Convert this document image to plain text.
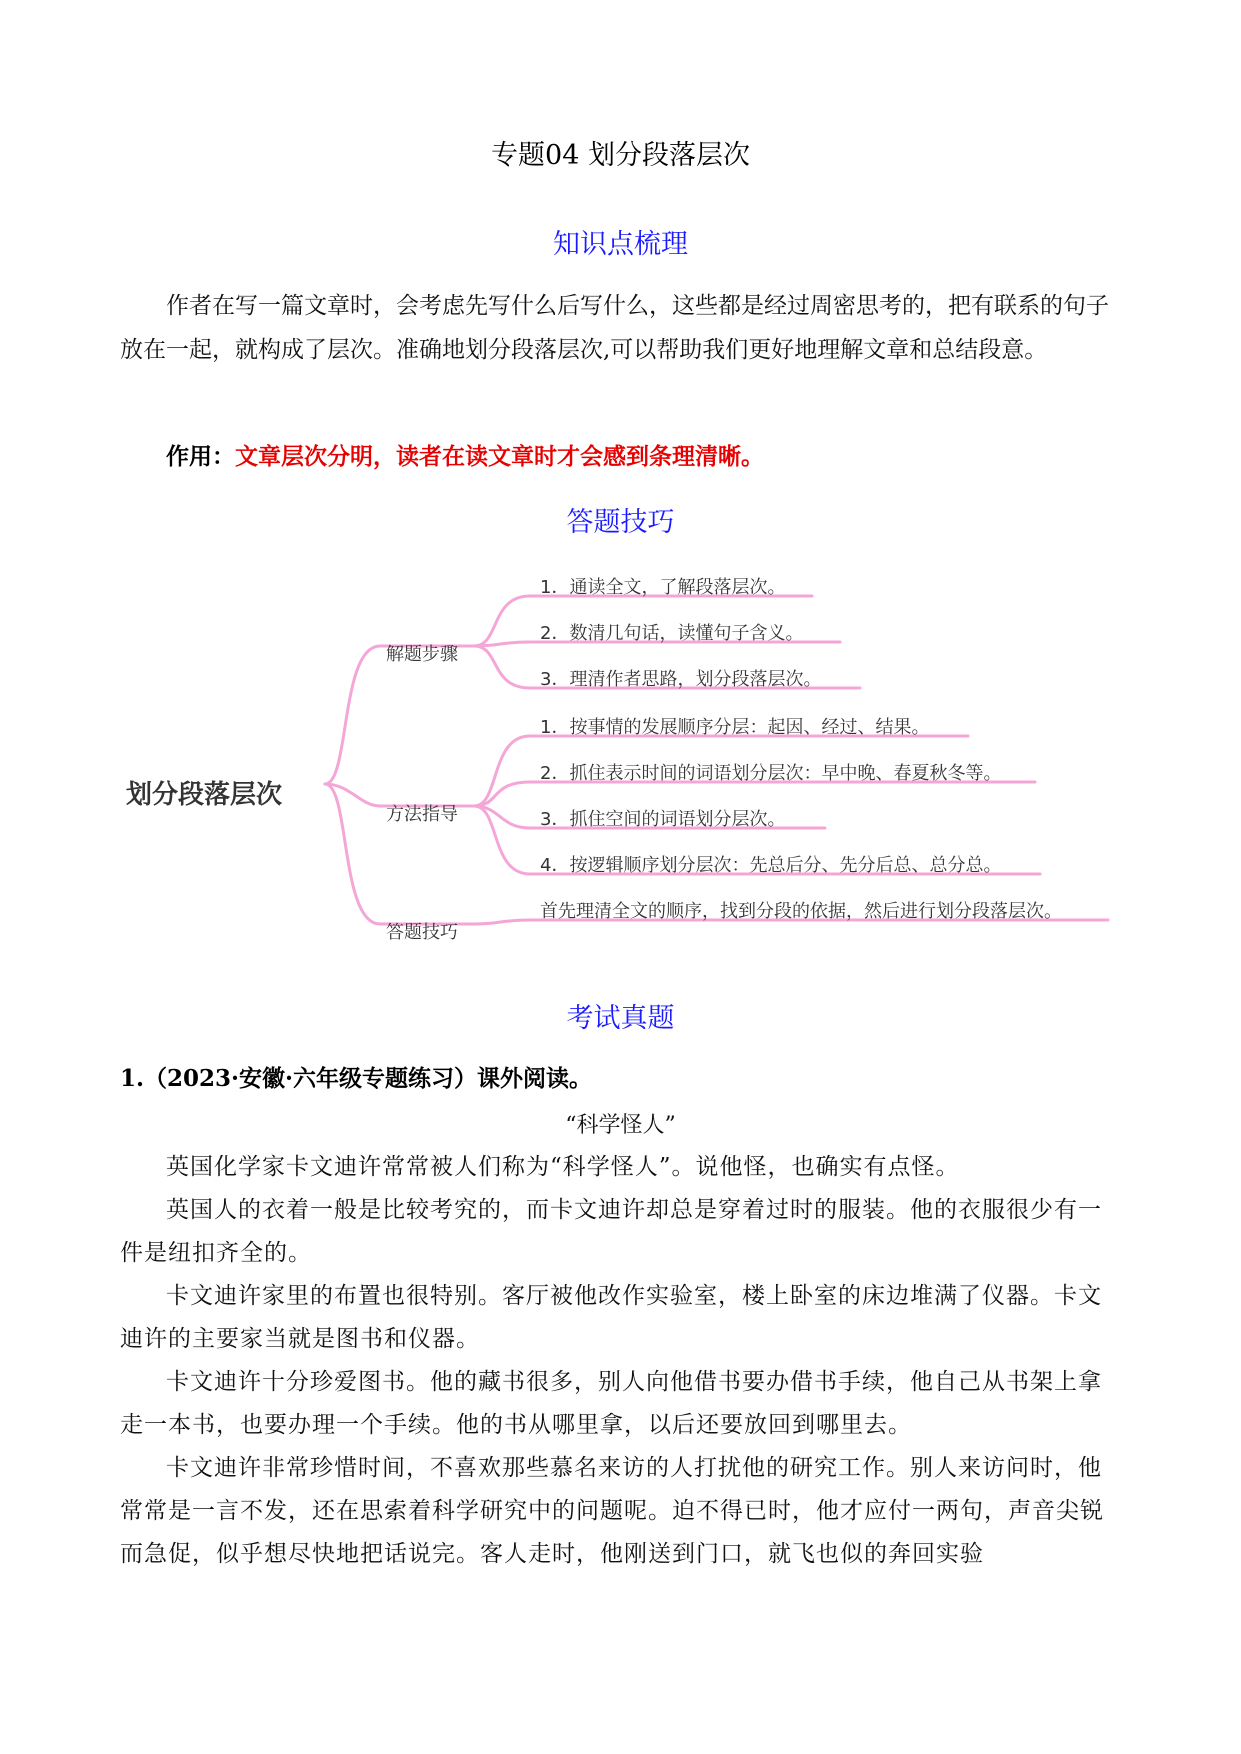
专题04 划分段落层次
知识点梳理

作者在写一篇文章时，会考虑先写什么后写什么，这些都是经过周密思考的，把有联系的句子放在一起，就构成了层次。准确地划分段落层次,可以帮助我们更好地理解文章和总结段意。

作用：文章层次分明，读者在读文章时才会感到条理清晰。
答题技巧
划分段落层次
解题步骤
1．通读全文，了解段落层次。
2．数清几句话，读懂句子含义。
3．理清作者思路，划分段落层次。
方法指导
1．按事情的发展顺序分层：起因、经过、结果。
2．抓住表示时间的词语划分层次：早中晚、春夏秋冬等。
3．抓住空间的词语划分层次。
4．按逻辑顺序划分层次：先总后分、先分后总、总分总。
答题技巧
首先理清全文的顺序，找到分段的依据，然后进行划分段落层次。
考试真题
1.（2023·安徽·六年级专题练习）课外阅读。
“科学怪人”

英国化学家卡文迪许常常被人们称为“科学怪人”。说他怪，也确实有点怪。

英国人的衣着一般是比较考究的，而卡文迪许却总是穿着过时的服装。他的衣服很少有一件是纽扣齐全的。

卡文迪许家里的布置也很特别。客厅被他改作实验室，楼上卧室的床边堆满了仪器。卡文迪许的主要家当就是图书和仪器。

卡文迪许十分珍爱图书。他的藏书很多，别人向他借书要办借书手续，他自己从书架上拿走一本书，也要办理一个手续。他的书从哪里拿，以后还要放回到哪里去。

卡文迪许非常珍惜时间，不喜欢那些慕名来访的人打扰他的研究工作。别人来访问时，他常常是一言不发，还在思索着科学研究中的问题呢。迫不得已时，他才应付一两句，声音尖锐而急促，似乎想尽快地把话说完。客人走时，他刚送到门口，就飞也似的奔回实验
